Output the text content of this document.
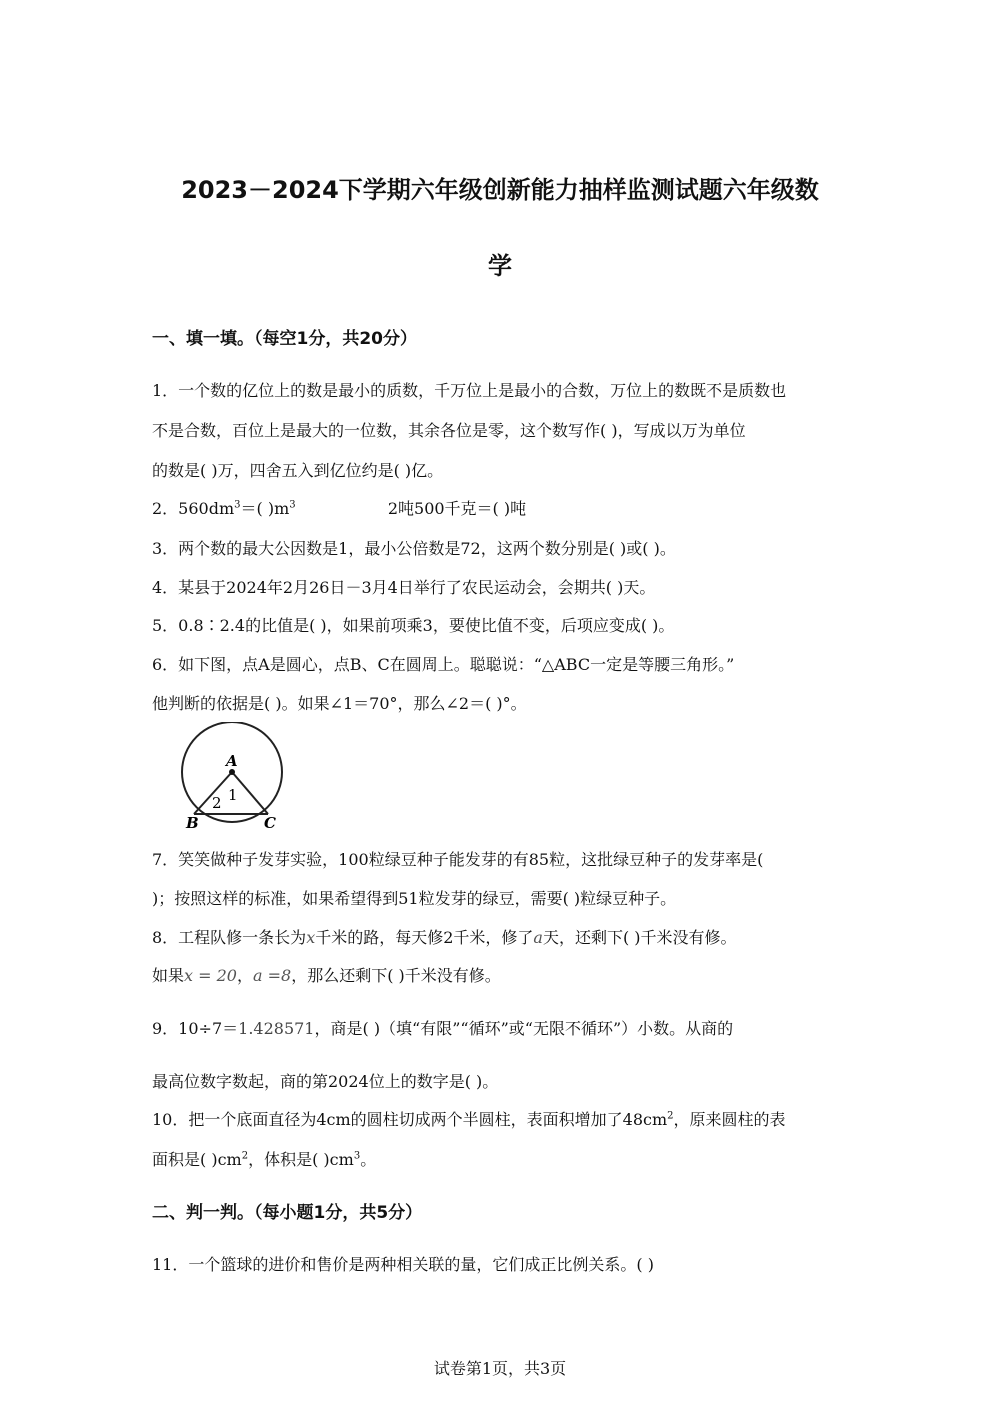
2023－2024下学期六年级创新能力抽样监测试题六年级数
学
一、填一填。（每空1分，共20分）
1．一个数的亿位上的数是最小的质数，千万位上是最小的合数，万位上的数既不是质数也
不是合数，百位上是最大的一位数，其余各位是零，这个数写作( )，写成以万为单位
的数是( )万，四舍五入到亿位约是( )亿。
2．$560dm^3=$( )$m^3$	2吨500千克＝( )吨
3．两个数的最大公因数是1，最小公倍数是72，这两个数分别是( )或( )。
4．某县于2024年2月26日－3月4日举行了农民运动会，会期共( )天。
5．0.8∶2.4的比值是( )，如果前项乘3，要使比值不变，后项应变成( )。
6．如下图，点A是圆心，点B、C在圆周上。聪聪说：“△ABC一定是等腰三角形。”
他判断的依据是( )。如果∠1＝70°，那么∠2＝( )°。
A
1
2
B	C
7．笑笑做种子发芽实验，100粒绿豆种子能发芽的有85粒，这批绿豆种子的发芽率是(
)；按照这样的标准，如果希望得到51粒发芽的绿豆，需要( )粒绿豆种子。
8．工程队修一条长为x千米的路，每天修2千米，修了a天，还剩下( )千米没有修。
如果x = 20，a =8，那么还剩下( )千米没有修。
9．10÷7＝1.428571，商是( )（填“有限”“循环”或“无限不循环”）小数。从商的
最高位数字数起，商的第2024位上的数字是( )。
10．把一个底面直径为4cm的圆柱切成两个半圆柱，表面积增加了$48cm^2$，原来圆柱的表
面积是( )$cm^2$，体积是( )$cm^3$。
二、判一判。（每小题1分，共5分）
11．一个篮球的进价和售价是两种相关联的量，它们成正比例关系。( )
试卷第1页，共3页
